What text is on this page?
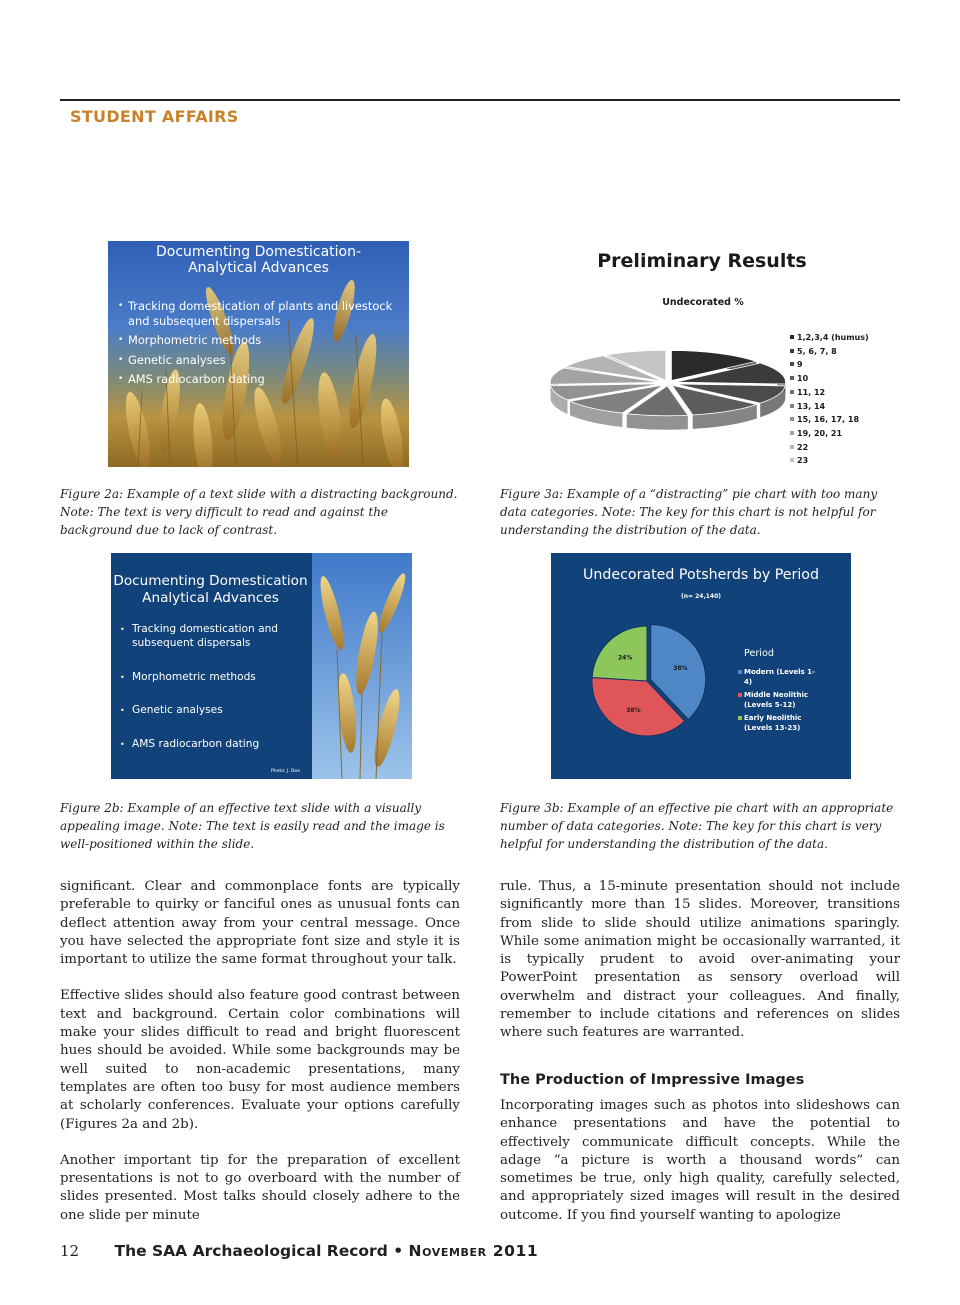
STUDENT AFFAIRS
Documenting Domestication-
Analytical Advances
• Tracking domestication of plants and livestock and subsequent dispersals
• Morphometric methods
• Genetic analyses
• AMS radiocarbon dating
Figure 2a: Example of a text slide with a distracting background. Note: The text is very difficult to read and against the background due to lack of contrast.
Preliminary Results
Undecorated %
1,2,3,4 (humus)
5, 6, 7, 8
9
10
11, 12
13, 14
15, 16, 17, 18
19, 20, 21
22
23
Figure 3a: Example of a “distracting” pie chart with too many data categories. Note: The key for this chart is not helpful for understanding the distribution of the data.
Documenting Domestication
Analytical Advances
• Tracking domestication and subsequent dispersals
• Morphometric methods
• Genetic analyses
• AMS radiocarbon dating
Photo: J. Doe
Figure 2b: Example of an effective text slide with a visually appealing image. Note: The text is easily read and the image is well-positioned within the slide.
Undecorated Potsherds by Period
(n= 24,140)
38%
38%
24%	Period
Modern (Levels 1-4)
Middle Neolithic (Levels 5-12)
Early Neolithic (Levels 13-23)
Figure 3b: Example of an effective pie chart with an appropriate number of data categories. Note: The key for this chart is very helpful for understanding the distribution of the data.

significant. Clear and commonplace fonts are typically preferable to quirky or fanciful ones as unusual fonts can deflect attention away from your central message. Once you have selected the appropriate font size and style it is important to utilize the same format throughout your talk.

Effective slides should also feature good contrast between text and background. Certain color combinations will make your slides difficult to read and bright fluorescent hues should be avoided. While some backgrounds may be well suited to non-academic presentations, many templates are often too busy for most audience members at scholarly conferences. Evaluate your options carefully (Figures 2a and 2b).

Another important tip for the preparation of excellent presentations is not to go overboard with the number of slides presented. Most talks should closely adhere to the one slide per minute

rule. Thus, a 15-minute presentation should not include significantly more than 15 slides. Moreover, transitions from slide to slide should utilize animations sparingly. While some animation might be occasionally warranted, it is typically prudent to avoid over-animating your PowerPoint presentation as sensory overload will overwhelm and distract your colleagues. And finally, remember to include citations and references on slides where such features are warranted.

The Production of Impressive Images

Incorporating images such as photos into slideshows can enhance presentations and have the potential to effectively communicate difficult concepts. While the adage “a picture is worth a thousand words” can sometimes be true, only high quality, carefully selected, and appropriately sized images will result in the desired outcome. If you find yourself wanting to apologize

12 The SAA Archaeological Record • November 2011
